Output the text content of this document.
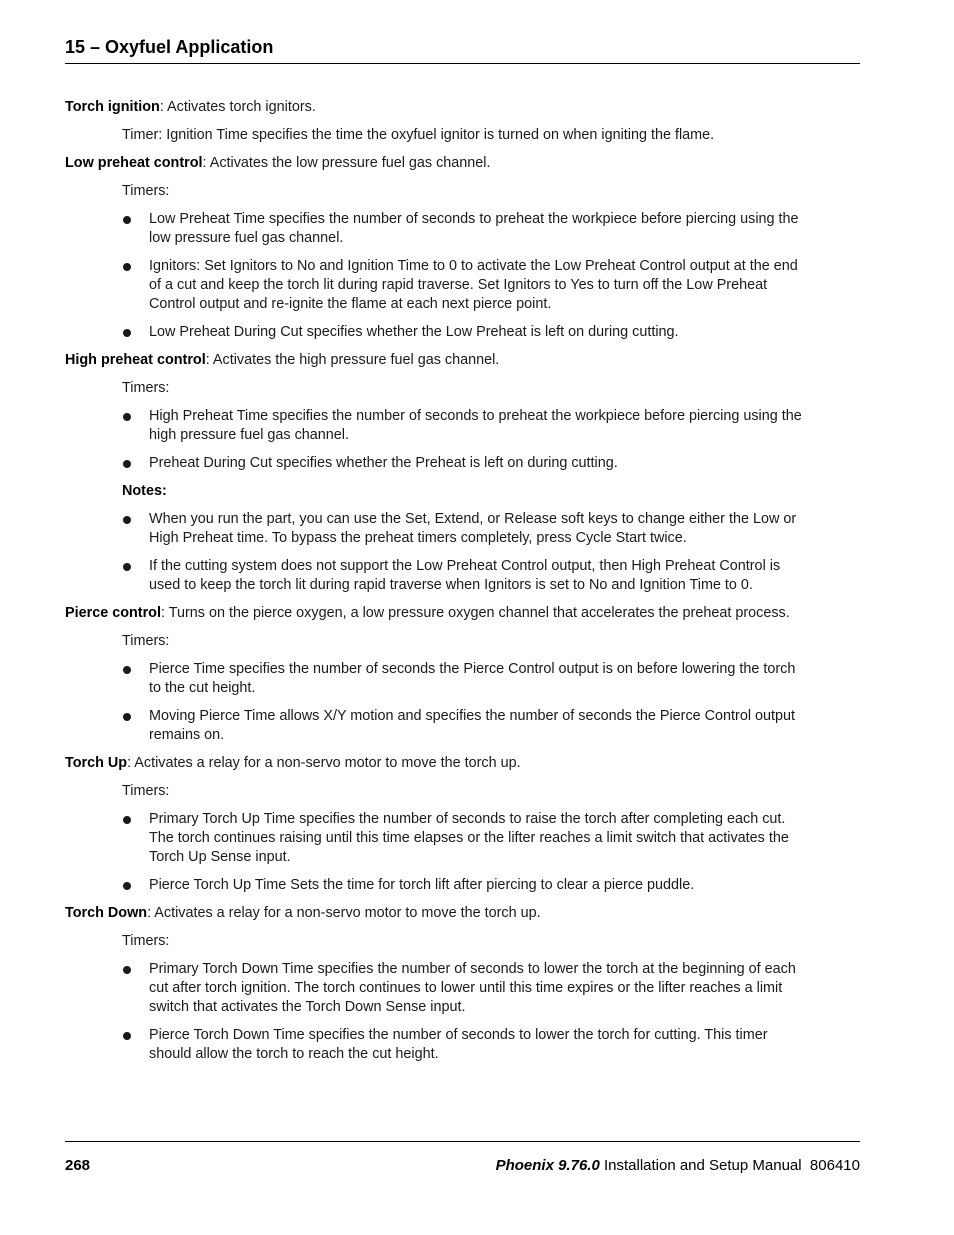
15 – Oxyfuel Application

Torch ignition: Activates torch ignitors.

Timer: Ignition Time specifies the time the oxyfuel ignitor is turned on when igniting the flame.

Low preheat control: Activates the low pressure fuel gas channel.

Timers:

Low Preheat Time specifies the number of seconds to preheat the workpiece before piercing using the low pressure fuel gas channel.
Ignitors: Set Ignitors to No and Ignition Time to 0 to activate the Low Preheat Control output at the end of a cut and keep the torch lit during rapid traverse. Set Ignitors to Yes to turn off the Low Preheat Control output and re-ignite the flame at each next pierce point.
Low Preheat During Cut specifies whether the Low Preheat is left on during cutting.

High preheat control: Activates the high pressure fuel gas channel.

Timers:

High Preheat Time specifies the number of seconds to preheat the workpiece before piercing using the high pressure fuel gas channel.
Preheat During Cut specifies whether the Preheat is left on during cutting.

Notes:

When you run the part, you can use the Set, Extend, or Release soft keys to change either the Low or High Preheat time. To bypass the preheat timers completely, press Cycle Start twice.
If the cutting system does not support the Low Preheat Control output, then High Preheat Control is used to keep the torch lit during rapid traverse when Ignitors is set to No and Ignition Time to 0.

Pierce control: Turns on the pierce oxygen, a low pressure oxygen channel that accelerates the preheat process.

Timers:

Pierce Time specifies the number of seconds the Pierce Control output is on before lowering the torch to the cut height.
Moving Pierce Time allows X/Y motion and specifies the number of seconds the Pierce Control output remains on.

Torch Up: Activates a relay for a non-servo motor to move the torch up.

Timers:

Primary Torch Up Time specifies the number of seconds to raise the torch after completing each cut. The torch continues raising until this time elapses or the lifter reaches a limit switch that activates the Torch Up Sense input.
Pierce Torch Up Time Sets the time for torch lift after piercing to clear a pierce puddle.

Torch Down: Activates a relay for a non-servo motor to move the torch up.

Timers:

Primary Torch Down Time specifies the number of seconds to lower the torch at the beginning of each cut after torch ignition. The torch continues to lower until this time expires or the lifter reaches a limit switch that activates the Torch Down Sense input.
Pierce Torch Down Time specifies the number of seconds to lower the torch for cutting. This timer should allow the torch to reach the cut height.
268	Phoenix 9.76.0 Installation and Setup Manual  806410
